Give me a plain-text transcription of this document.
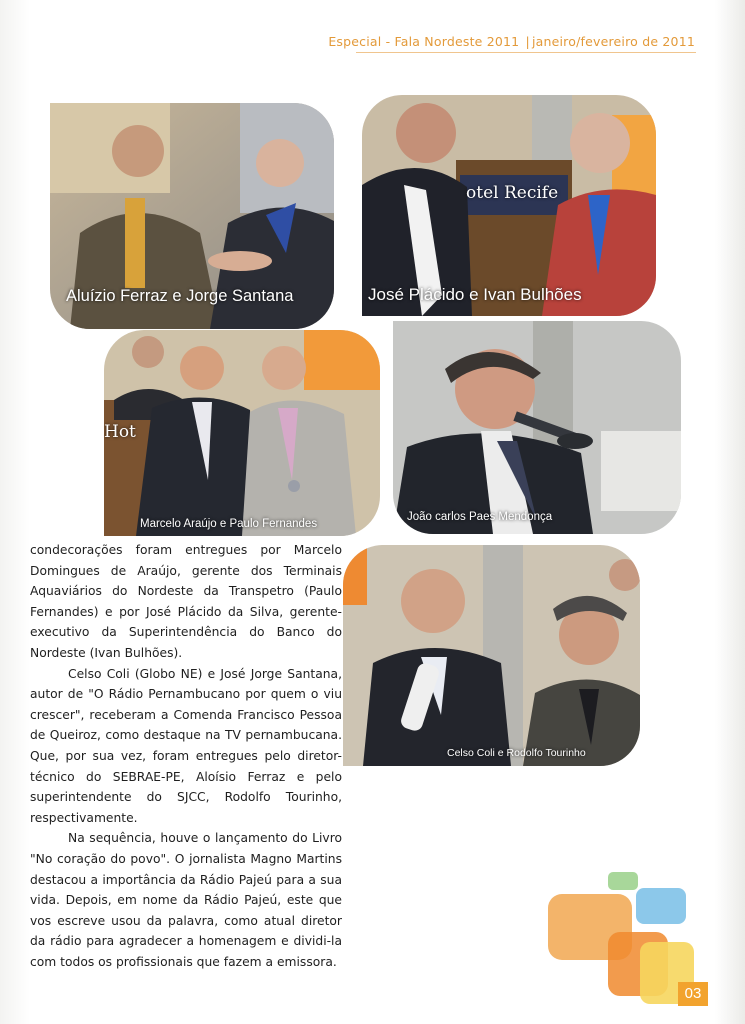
Especial - Fala Nordeste 2011 | janeiro/fevereiro de 2011
Aluízio Ferraz e Jorge Santana
otel Recife
José Plácido e Ivan Bulhões
Hot
Marcelo Araújo e Paulo Fernandes
João carlos Paes Mendonça
Celso Coli e Rodolfo Tourinho

condecorações foram entregues por Marcelo Domingues de Araújo, gerente dos Terminais Aquaviários do Nordeste da Transpetro (Paulo Fernandes) e por José Plácido da Silva, gerente-executivo da Superintendência do Banco do Nordeste (Ivan Bulhões).

Celso Coli (Globo NE) e José Jorge Santana, autor de "O Rádio Pernambucano por quem o viu crescer", receberam a Comenda Francisco Pessoa de Queiroz, como destaque na TV pernambucana. Que, por sua vez, foram entregues pelo diretor-técnico do SEBRAE-PE, Aloísio Ferraz e pelo superintendente do SJCC, Rodolfo Tourinho, respectivamente.

Na sequência, houve o lançamento do Livro "No coração do povo". O jornalista Magno Martins destacou a importância da Rádio Pajeú para a sua vida. Depois, em nome da Rádio Pajeú, este que vos escreve usou da palavra, como atual diretor da rádio para agradecer a homenagem e dividi-la com todos os profissionais que fazem a emissora.

03
